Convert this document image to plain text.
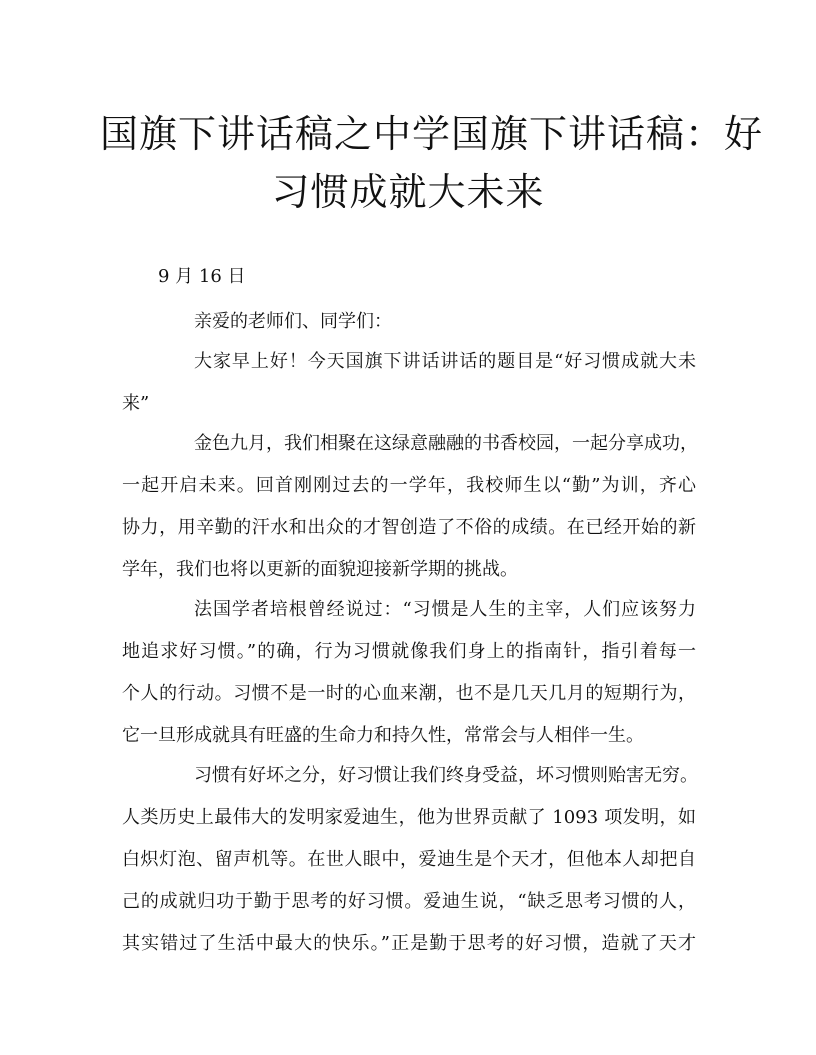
国旗下讲话稿之中学国旗下讲话稿：好
习惯成就大未来
9 月 16 日
亲爱的老师们、同学们：
大家早上好！今天国旗下讲话讲话的题目是“好习惯成就大未
来”
金色九月，我们相聚在这绿意融融的书香校园，一起分享成功，
一起开启未来。回首刚刚过去的一学年，我校师生以“勤”为训，齐心
协力，用辛勤的汗水和出众的才智创造了不俗的成绩。在已经开始的新
学年，我们也将以更新的面貌迎接新学期的挑战。
法国学者培根曾经说过：“习惯是人生的主宰，人们应该努力
地追求好习惯。”的确，行为习惯就像我们身上的指南针，指引着每一
个人的行动。习惯不是一时的心血来潮，也不是几天几月的短期行为，
它一旦形成就具有旺盛的生命力和持久性，常常会与人相伴一生。
习惯有好坏之分，好习惯让我们终身受益，坏习惯则贻害无穷。
人类历史上最伟大的发明家爱迪生，他为世界贡献了 1093 项发明，如
白炽灯泡、留声机等。在世人眼中，爱迪生是个天才，但他本人却把自
己的成就归功于勤于思考的好习惯。爱迪生说，“缺乏思考习惯的人，
其实错过了生活中最大的快乐。”正是勤于思考的好习惯，造就了天才
